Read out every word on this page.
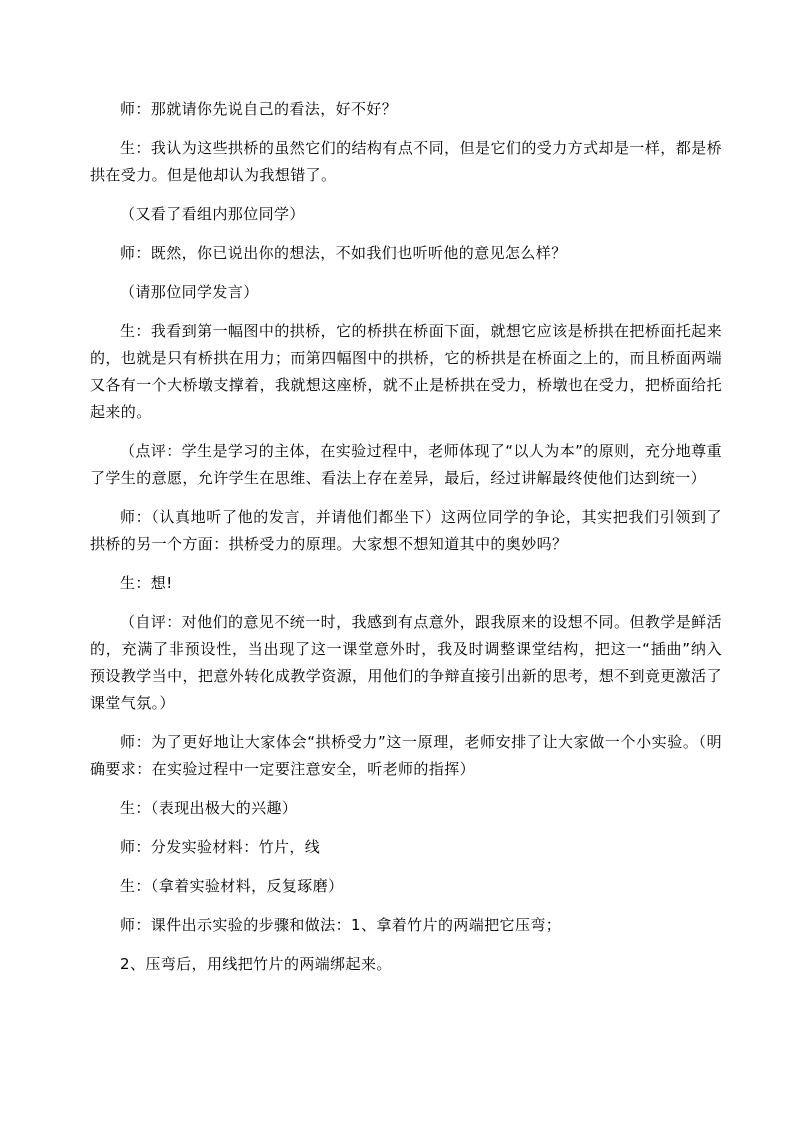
师：那就请你先说自己的看法，好不好？

生：我认为这些拱桥的虽然它们的结构有点不同，但是它们的受力方式却是一样，都是桥拱在受力。但是他却认为我想错了。

（又看了看组内那位同学）

师：既然，你已说出你的想法，不如我们也听听他的意见怎么样？

（请那位同学发言）

生：我看到第一幅图中的拱桥，它的桥拱在桥面下面，就想它应该是桥拱在把桥面托起来的，也就是只有桥拱在用力；而第四幅图中的拱桥，它的桥拱是在桥面之上的，而且桥面两端又各有一个大桥墩支撑着，我就想这座桥，就不止是桥拱在受力，桥墩也在受力，把桥面给托起来的。

（点评：学生是学习的主体，在实验过程中，老师体现了“以人为本”的原则，充分地尊重了学生的意愿，允许学生在思维、看法上存在差异，最后，经过讲解最终使他们达到统一）

师：（认真地听了他的发言，并请他们都坐下）这两位同学的争论，其实把我们引领到了拱桥的另一个方面：拱桥受力的原理。大家想不想知道其中的奥妙吗？

生：想!

（自评：对他们的意见不统一时，我感到有点意外，跟我原来的设想不同。但教学是鲜活的，充满了非预设性，当出现了这一课堂意外时，我及时调整课堂结构，把这一“插曲”纳入预设教学当中，把意外转化成教学资源，用他们的争辩直接引出新的思考，想不到竟更激活了课堂气氛。）

师：为了更好地让大家体会“拱桥受力”这一原理，老师安排了让大家做一个小实验。（明确要求：在实验过程中一定要注意安全，听老师的指挥）

生：（表现出极大的兴趣）

师：分发实验材料：竹片，线

生：（拿着实验材料，反复琢磨）

师：课件出示实验的步骤和做法：1、拿着竹片的两端把它压弯；

2、压弯后，用线把竹片的两端绑起来。
